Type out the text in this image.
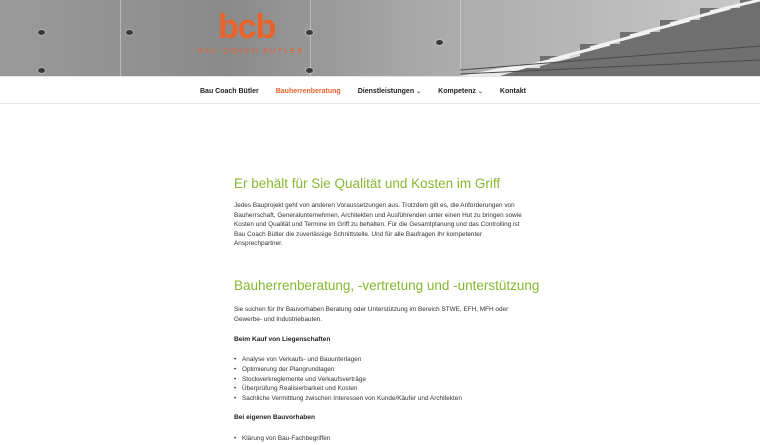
bcb
BAU COACH BÜTLER
Bau Coach Bütler Bauherrenberatung Dienstleistungen ⌄ Kompetenz ⌄ Kontakt
Er behält für Sie Qualität und Kosten im Griff
Jedes Bauprojekt geht von anderen Voraussetzungen aus. Trotzdem gilt es, die Anforderungen von
Bauherrschaft, Generalunternehmen, Architekten und Ausführenden unter einen Hut zu bringen sowie
Kosten und Qualität und Termine im Griff zu behalten. Für die Gesamtplanung und das Controlling ist
Bau Coach Bütler die zuverlässige Schnittstelle. Und für alle Baufragen Ihr kompetenter
Ansprechpartner.
Bauherrenberatung, -vertretung und -unterstützung
Sie suchen für Ihr Bauvorhaben Beratung oder Unterstützung im Bereich STWE, EFH, MFH oder
Gewerbe- und Industriebauten.
Beim Kauf von Liegenschaften
• Analyse von Verkaufs- und Bauunterlagen
• Optimierung der Plangrundlagen
• Stockwerkreglemente und Verkaufsverträge
• Überprüfung Realisierbarkeit und Kosten
• Sachliche Vermittlung zwischen Interessen von Kunde/Käufer und Architekten
Bei eigenen Bauvorhaben
• Klärung von Bau-Fachbegriffen
